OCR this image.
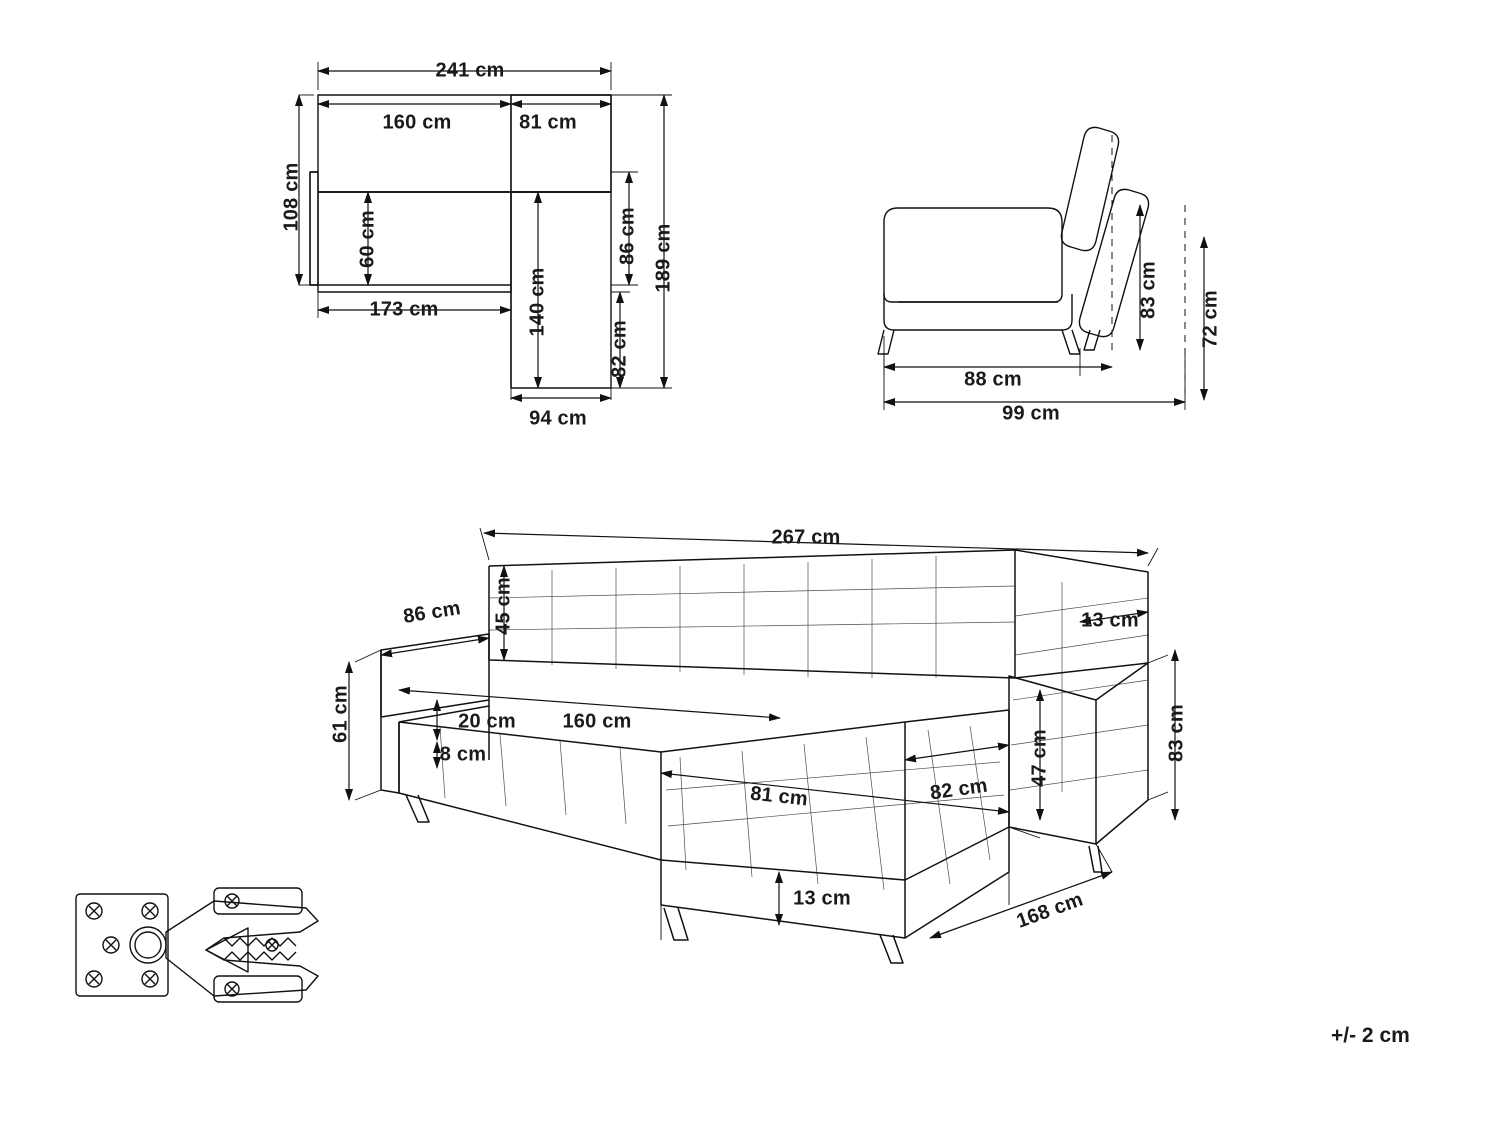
241 cm
160 cm	81 cm
108 cm
60 cm	86 cm 189 cm
173 cm	140 cm
82 cm
94 cm
83 cm
72 cm
88 cm
99 cm
267 cm
86 cm 45 cm	13 cm
61 cm	20 cm 160 cm
8 cm	47 cm	83 cm
81 cm	82 cm
13 cm	168 cm
+/- 2 cm
